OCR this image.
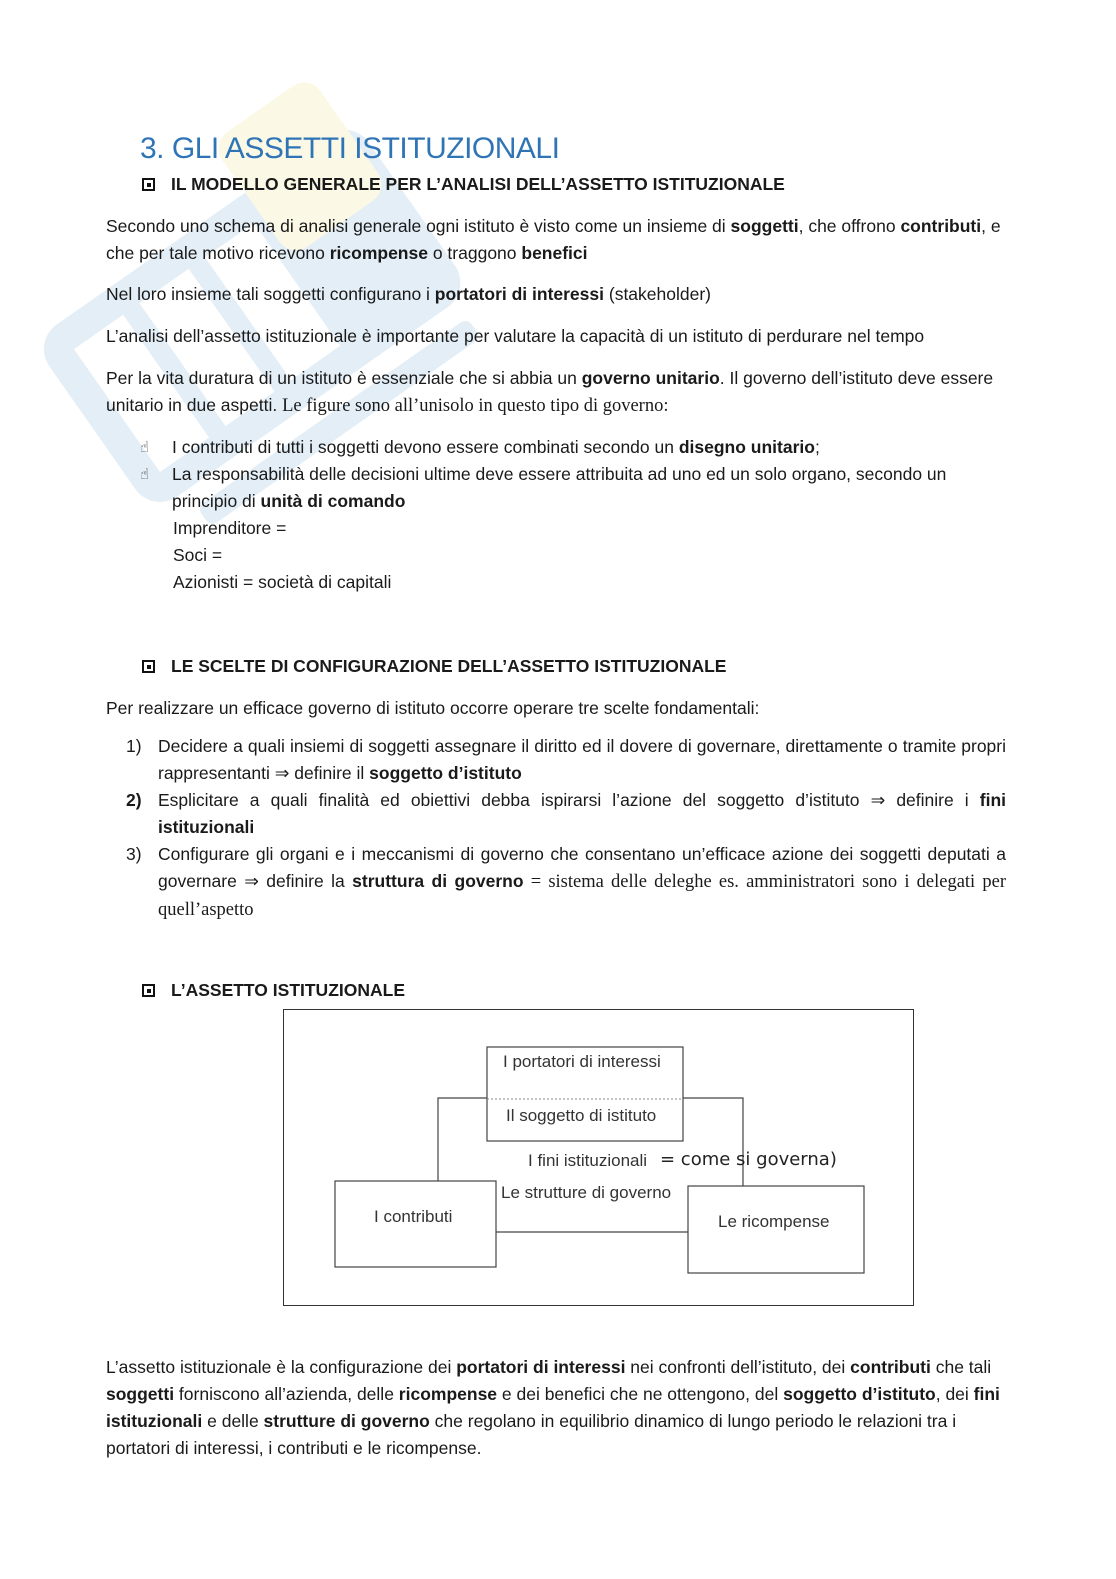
3. GLI ASSETTI ISTITUZIONALI
IL MODELLO GENERALE PER L’ANALISI DELL’ASSETTO ISTITUZIONALE
Secondo uno schema di analisi generale ogni istituto è visto come un insieme di soggetti, che offrono contributi, e che per tale motivo ricevono ricompense o traggono benefici
Nel loro insieme tali soggetti configurano i portatori di interessi (stakeholder)
L’analisi dell’assetto istituzionale è importante per valutare la capacità di un istituto di perdurare nel tempo
Per la vita duratura di un istituto è essenziale che si abbia un governo unitario. Il governo dell’istituto deve essere unitario in due aspetti. Le figure sono all’unisolo in questo tipo di governo:
☝	I contributi di tutti i soggetti devono essere combinati secondo un disegno unitario;
☝	La responsabilità delle decisioni ultime deve essere attribuita ad uno ed un solo organo, secondo un principio di unità di comando
Imprenditore =
Soci =
Azionisti = società di capitali
LE SCELTE DI CONFIGURAZIONE DELL’ASSETTO ISTITUZIONALE
Per realizzare un efficace governo di istituto occorre operare tre scelte fondamentali:
1) Decidere a quali insiemi di soggetti assegnare il diritto ed il dovere di governare, direttamente o tramite propri rappresentanti ⇒ definire il soggetto d’istituto
2) Esplicitare a quali finalità ed obiettivi debba ispirarsi l’azione del soggetto d’istituto ⇒ definire i fini istituzionali
3) Configurare gli organi e i meccanismi di governo che consentano un’efficace azione dei soggetti deputati a governare ⇒ definire la struttura di governo = sistema delle deleghe es. amministratori sono i delegati per quell’aspetto
L’ASSETTO ISTITUZIONALE
I portatori di interessi
Il soggetto di istituto
I fini istituzionali = come si governa)
Le strutture di governo
I contributi	Le ricompense
L’assetto istituzionale è la configurazione dei portatori di interessi nei confronti dell’istituto, dei contributi che tali soggetti forniscono all’azienda, delle ricompense e dei benefici che ne ottengono, del soggetto d’istituto, dei fini istituzionali e delle strutture di governo che regolano in equilibrio dinamico di lungo periodo le relazioni tra i portatori di interessi, i contributi e le ricompense.
